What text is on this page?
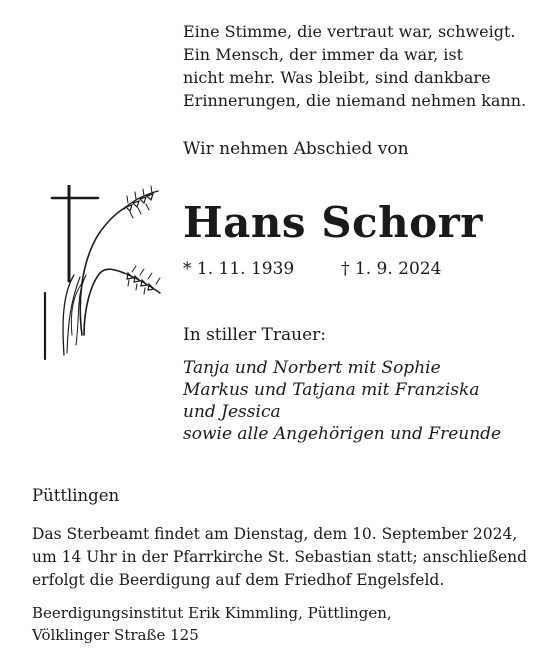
Eine Stimme, die vertraut war, schweigt.
Ein Mensch, der immer da war, ist
nicht mehr. Was bleibt, sind dankbare
Erinnerungen, die niemand nehmen kann.
Wir nehmen Abschied von
Hans Schorr
* 1. 11. 1939	† 1. 9. 2024
In stiller Trauer:
Tanja und Norbert mit Sophie
Markus und Tatjana mit Franziska
und Jessica
sowie alle Angehörigen und Freunde
Püttlingen
Das Sterbeamt findet am Dienstag, dem 10. September 2024,
um 14 Uhr in der Pfarrkirche St. Sebastian statt; anschließend
erfolgt die Beerdigung auf dem Friedhof Engelsfeld.
Beerdigungsinstitut Erik Kimmling, Püttlingen,
Völklinger Straße 125
